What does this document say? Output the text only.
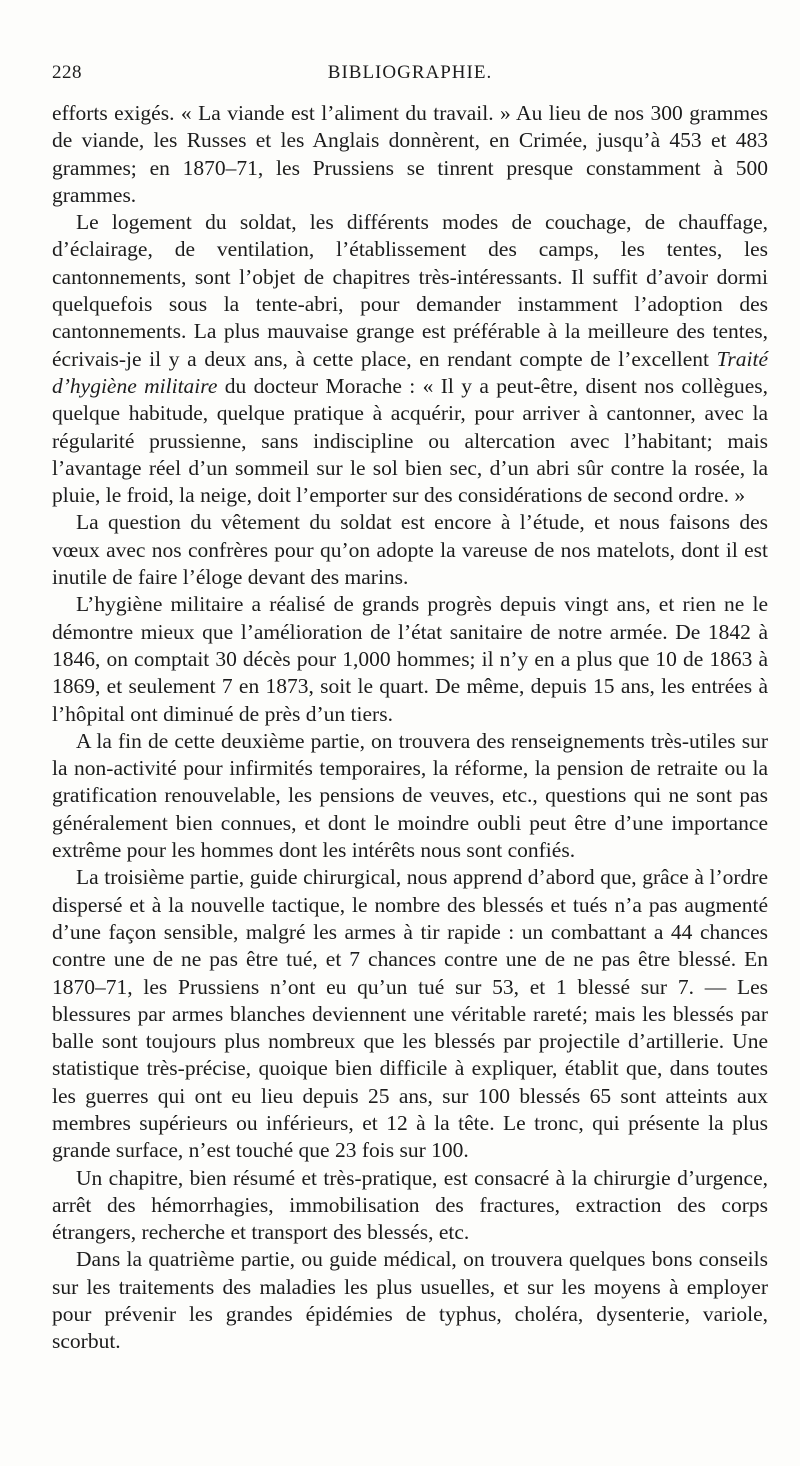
228	BIBLIOGRAPHIE.

efforts exigés. « La viande est l’aliment du travail. » Au lieu de nos 300 grammes de viande, les Russes et les Anglais donnèrent, en Crimée, jusqu’à 453 et 483 grammes; en 1870–71, les Prussiens se tinrent presque constamment à 500 grammes.

Le logement du soldat, les différents modes de couchage, de chauffage, d’éclairage, de ventilation, l’établissement des camps, les tentes, les cantonnements, sont l’objet de chapitres très-intéressants. Il suffit d’avoir dormi quelquefois sous la tente-abri, pour demander instamment l’adoption des cantonnements. La plus mauvaise grange est préférable à la meilleure des tentes, écrivais-je il y a deux ans, à cette place, en rendant compte de l’excellent Traité d’hygiène militaire du docteur Morache : « Il y a peut-être, disent nos collègues, quelque habitude, quelque pratique à acquérir, pour arriver à cantonner, avec la régularité prussienne, sans indiscipline ou altercation avec l’habitant; mais l’avantage réel d’un sommeil sur le sol bien sec, d’un abri sûr contre la rosée, la pluie, le froid, la neige, doit l’emporter sur des considérations de second ordre. »

La question du vêtement du soldat est encore à l’étude, et nous faisons des vœux avec nos confrères pour qu’on adopte la vareuse de nos matelots, dont il est inutile de faire l’éloge devant des marins.

L’hygiène militaire a réalisé de grands progrès depuis vingt ans, et rien ne le démontre mieux que l’amélioration de l’état sanitaire de notre armée. De 1842 à 1846, on comptait 30 décès pour 1,000 hommes; il n’y en a plus que 10 de 1863 à 1869, et seulement 7 en 1873, soit le quart. De même, depuis 15 ans, les entrées à l’hôpital ont diminué de près d’un tiers.

A la fin de cette deuxième partie, on trouvera des renseignements très-utiles sur la non-activité pour infirmités temporaires, la réforme, la pension de retraite ou la gratification renouvelable, les pensions de veuves, etc., questions qui ne sont pas généralement bien connues, et dont le moindre oubli peut être d’une importance extrême pour les hommes dont les intérêts nous sont confiés.

La troisième partie, guide chirurgical, nous apprend d’abord que, grâce à l’ordre dispersé et à la nouvelle tactique, le nombre des blessés et tués n’a pas augmenté d’une façon sensible, malgré les armes à tir rapide : un combattant a 44 chances contre une de ne pas être tué, et 7 chances contre une de ne pas être blessé. En 1870–71, les Prussiens n’ont eu qu’un tué sur 53, et 1 blessé sur 7. — Les blessures par armes blanches deviennent une véritable rareté; mais les blessés par balle sont toujours plus nombreux que les blessés par projectile d’artillerie. Une statistique très-précise, quoique bien difficile à expliquer, établit que, dans toutes les guerres qui ont eu lieu depuis 25 ans, sur 100 blessés 65 sont atteints aux membres supérieurs ou inférieurs, et 12 à la tête. Le tronc, qui présente la plus grande surface, n’est touché que 23 fois sur 100.

Un chapitre, bien résumé et très-pratique, est consacré à la chirurgie d’urgence, arrêt des hémorrhagies, immobilisation des fractures, extraction des corps étrangers, recherche et transport des blessés, etc.

Dans la quatrième partie, ou guide médical, on trouvera quelques bons conseils sur les traitements des maladies les plus usuelles, et sur les moyens à employer pour prévenir les grandes épidémies de typhus, choléra, dysenterie, variole, scorbut.
